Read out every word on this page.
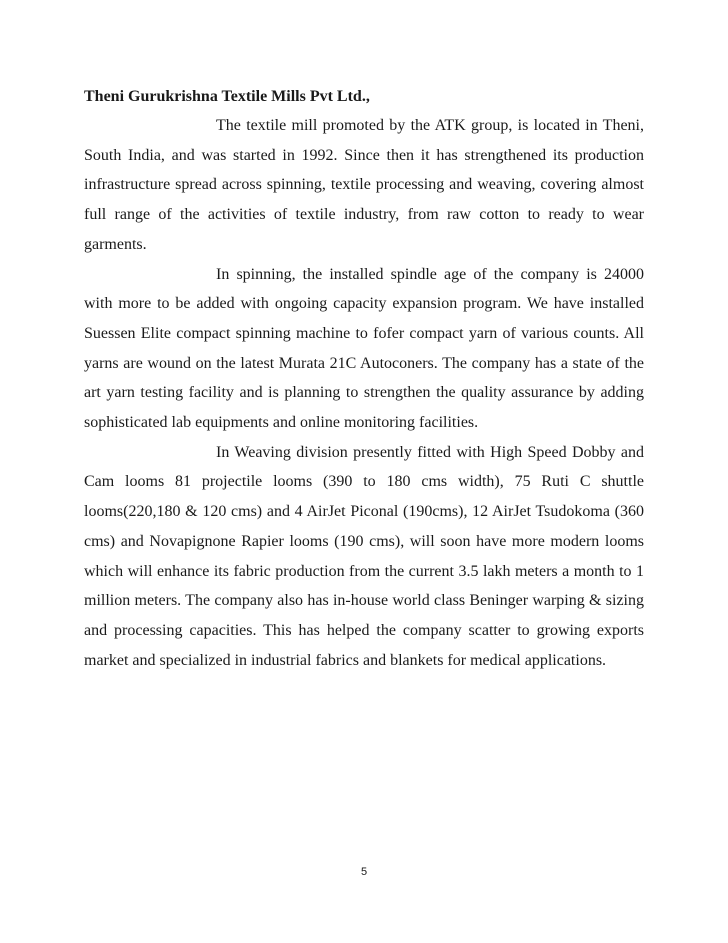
Theni Gurukrishna Textile Mills Pvt Ltd.,

The textile mill promoted by the ATK group, is located in Theni, South India, and was started in 1992. Since then it has strengthened its production infrastructure spread across spinning, textile processing and weaving, covering almost full range of the activities of textile industry, from raw cotton to ready to wear garments.

In spinning, the installed spindle age of the company is 24000 with more to be added with ongoing capacity expansion program. We have installed Suessen Elite compact spinning machine to fofer compact yarn of various counts. All yarns are wound on the latest Murata 21C Autoconers. The company has a state of the art yarn testing facility and is planning to strengthen the quality assurance by adding sophisticated lab equipments and online monitoring facilities.

In Weaving division presently fitted with High Speed Dobby and Cam looms 81 projectile looms (390 to 180 cms width), 75 Ruti C shuttle looms(220,180 & 120 cms) and 4 AirJet Piconal (190cms), 12 AirJet Tsudokoma (360 cms) and Novapignone Rapier looms (190 cms), will soon have more modern looms which will enhance its fabric production from the current 3.5 lakh meters a month to 1 million meters. The company also has in-house world class Beninger warping & sizing and processing capacities. This has helped the company scatter to growing exports market and specialized in industrial fabrics and blankets for medical applications.

5
